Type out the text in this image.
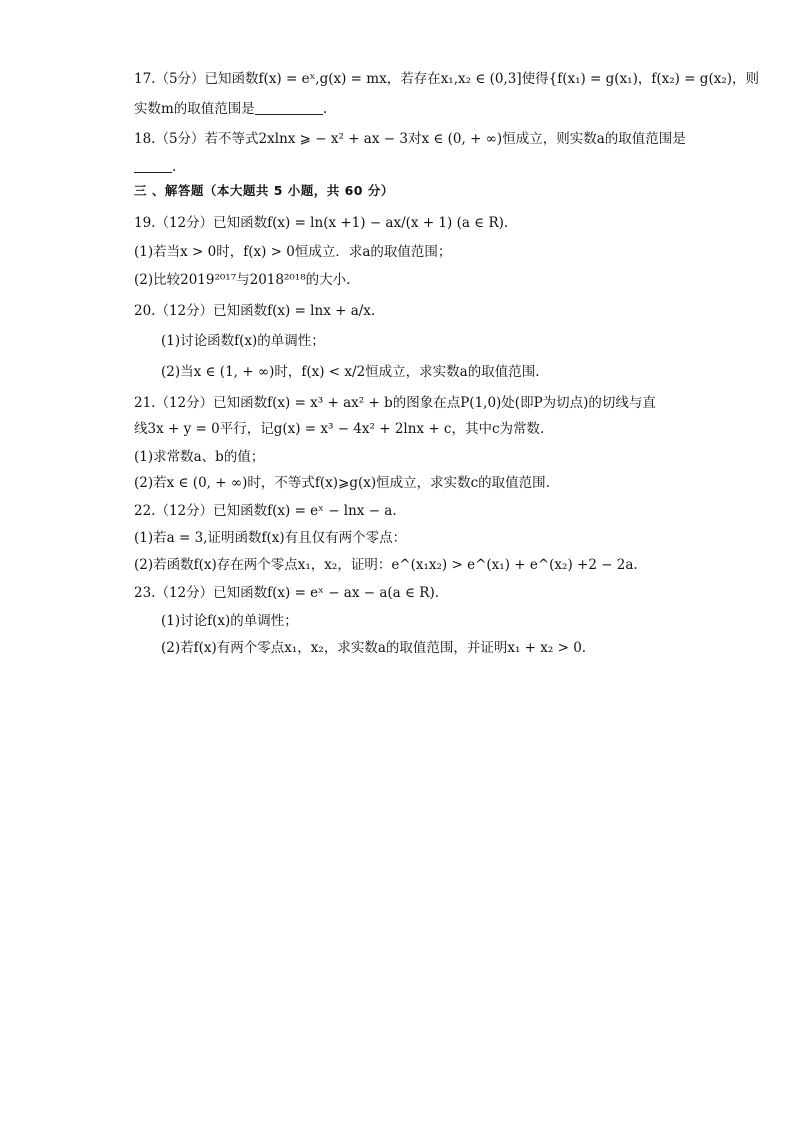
17.（5分）已知函数f(x) = eˣ,g(x) = mx，若存在x₁,x₂ ∈ (0,3]使得{f(x₁) = g(x₁)，f(x₂) = g(x₂)，则
实数m的取值范围是	.
18.（5分）若不等式2xlnx ⩾ − x² + ax − 3对x ∈ (0, + ∞)恒成立，则实数a的取值范围是
.
三 、解答题（本大题共 5 小题，共 60 分）
19.（12分）已知函数f(x) = ln(x +1) − ax/(x + 1) (a ∈ R).
(1)若当x > 0时，f(x) > 0恒成立．求a的取值范围；
(2)比较2019²⁰¹⁷与2018²⁰¹⁸的大小.
20.（12分）已知函数f(x) = lnx + a/x.
(1)讨论函数f(x)的单调性；
(2)当x ∈ (1, + ∞)时，f(x) < x/2恒成立，求实数a的取值范围.
21.（12分）已知函数f(x) = x³ + ax² + b的图象在点P(1,0)处(即P为切点)的切线与直
线3x + y = 0平行，记g(x) = x³ − 4x² + 2lnx + c，其中c为常数.
(1)求常数a、b的值；
(2)若x ∈ (0, + ∞)时，不等式f(x)⩾g(x)恒成立，求实数c的取值范围.
22.（12分）已知函数f(x) = eˣ − lnx − a.
(1)若a = 3,证明函数f(x)有且仅有两个零点：
(2)若函数f(x)存在两个零点x₁，x₂，证明：e^(x₁x₂) > e^(x₁) + e^(x₂) +2 − 2a.
23.（12分）已知函数f(x) = eˣ − ax − a(a ∈ R).
(1)讨论f(x)的单调性；
(2)若f(x)有两个零点x₁，x₂，求实数a的取值范围，并证明x₁ + x₂ > 0.
